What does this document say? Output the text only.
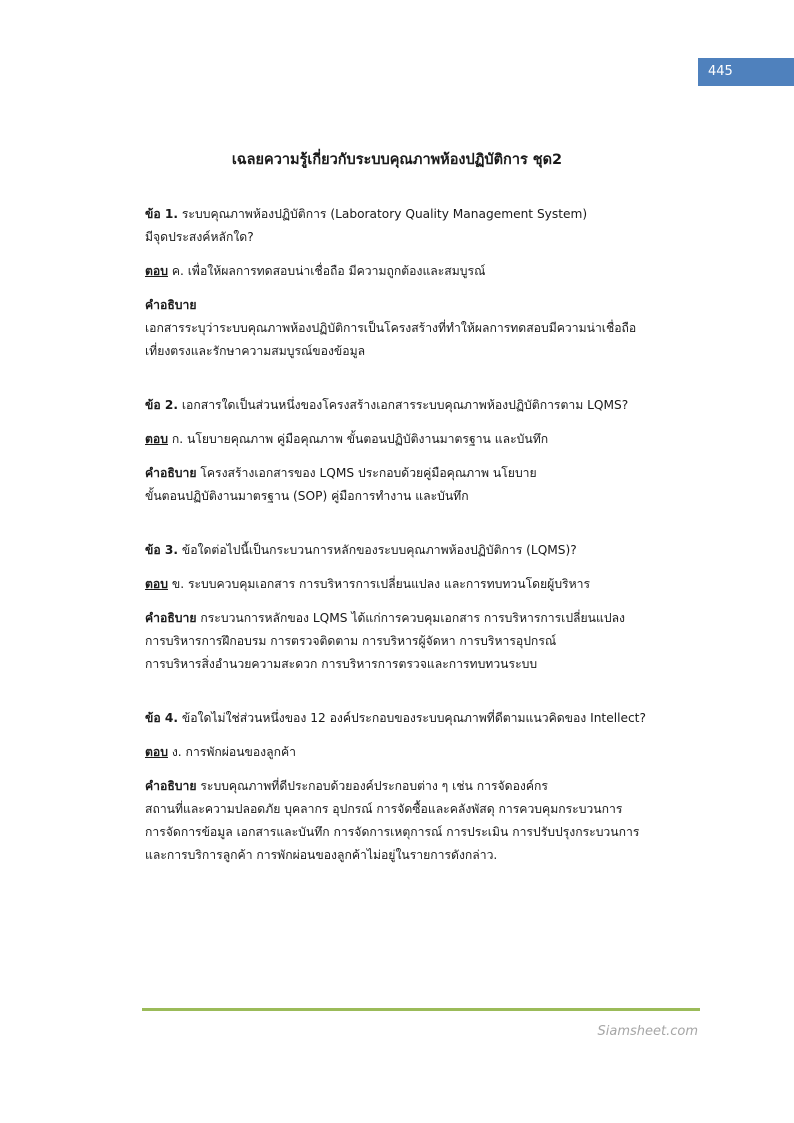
445
เฉลยความรู้เกี่ยวกับระบบคุณภาพห้องปฏิบัติการ ชุด2

ข้อ 1. ระบบคุณภาพห้องปฏิบัติการ (Laboratory Quality Management System)

มีจุดประสงค์หลักใด?

ตอบ ค. เพื่อให้ผลการทดสอบน่าเชื่อถือ มีความถูกต้องและสมบูรณ์

คำอธิบาย

เอกสารระบุว่าระบบคุณภาพห้องปฏิบัติการเป็นโครงสร้างที่ทำให้ผลการทดสอบมีความน่าเชื่อถือ

เที่ยงตรงและรักษาความสมบูรณ์ของข้อมูล

ข้อ 2. เอกสารใดเป็นส่วนหนึ่งของโครงสร้างเอกสารระบบคุณภาพห้องปฏิบัติการตาม LQMS?

ตอบ ก. นโยบายคุณภาพ คู่มือคุณภาพ ขั้นตอนปฏิบัติงานมาตรฐาน และบันทึก

คำอธิบาย โครงสร้างเอกสารของ LQMS ประกอบด้วยคู่มือคุณภาพ นโยบาย

ขั้นตอนปฏิบัติงานมาตรฐาน (SOP) คู่มือการทำงาน และบันทึก

ข้อ 3. ข้อใดต่อไปนี้เป็นกระบวนการหลักของระบบคุณภาพห้องปฏิบัติการ (LQMS)?

ตอบ ข. ระบบควบคุมเอกสาร การบริหารการเปลี่ยนแปลง และการทบทวนโดยผู้บริหาร

คำอธิบาย กระบวนการหลักของ LQMS ได้แก่การควบคุมเอกสาร การบริหารการเปลี่ยนแปลง

การบริหารการฝึกอบรม การตรวจติดตาม การบริหารผู้จัดหา การบริหารอุปกรณ์

การบริหารสิ่งอำนวยความสะดวก การบริหารการตรวจและการทบทวนระบบ

ข้อ 4. ข้อใดไม่ใช่ส่วนหนึ่งของ 12 องค์ประกอบของระบบคุณภาพที่ดีตามแนวคิดของ Intellect?

ตอบ ง. การพักผ่อนของลูกค้า

คำอธิบาย ระบบคุณภาพที่ดีประกอบด้วยองค์ประกอบต่าง ๆ เช่น การจัดองค์กร

สถานที่และความปลอดภัย บุคลากร อุปกรณ์ การจัดซื้อและคลังพัสดุ การควบคุมกระบวนการ

การจัดการข้อมูล เอกสารและบันทึก การจัดการเหตุการณ์ การประเมิน การปรับปรุงกระบวนการ

และการบริการลูกค้า การพักผ่อนของลูกค้าไม่อยู่ในรายการดังกล่าว.

Siamsheet.com
